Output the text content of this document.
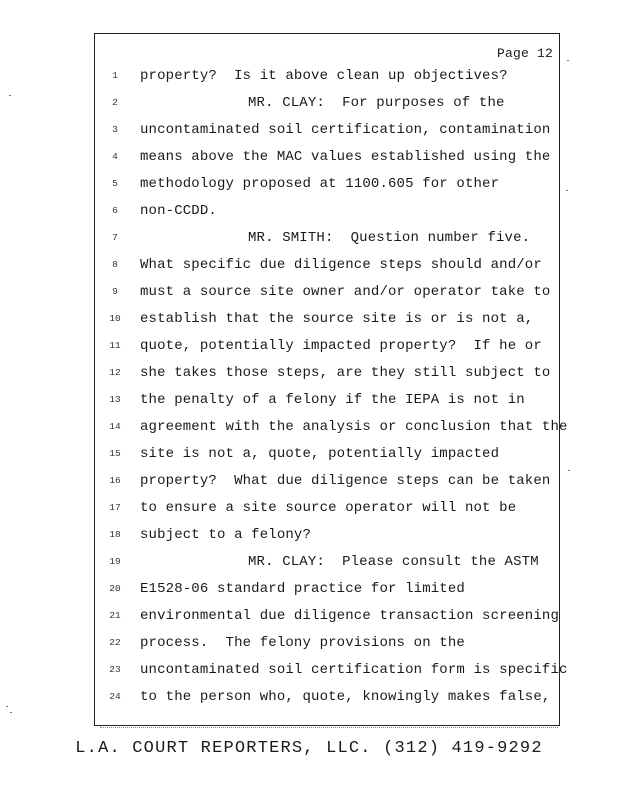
Page 12
1	property?  Is it above clean up objectives?
2	MR. CLAY:  For purposes of the
3	uncontaminated soil certification, contamination
4	means above the MAC values established using the
5	methodology proposed at 1100.605 for other
6	non-CCDD.
7	MR. SMITH:  Question number five.
8	What specific due diligence steps should and/or
9	must a source site owner and/or operator take to
10	establish that the source site is or is not a,
11	quote, potentially impacted property?  If he or
12	she takes those steps, are they still subject to
13	the penalty of a felony if the IEPA is not in
14	agreement with the analysis or conclusion that the
15	site is not a, quote, potentially impacted
16	property?  What due diligence steps can be taken
17	to ensure a site source operator will not be
18	subject to a felony?
19	MR. CLAY:  Please consult the ASTM
20	E1528-06 standard practice for limited
21	environmental due diligence transaction screening
22	process.  The felony provisions on the
23	uncontaminated soil certification form is specific
24	to the person who, quote, knowingly makes false,
L.A. COURT REPORTERS, LLC. (312) 419-9292
